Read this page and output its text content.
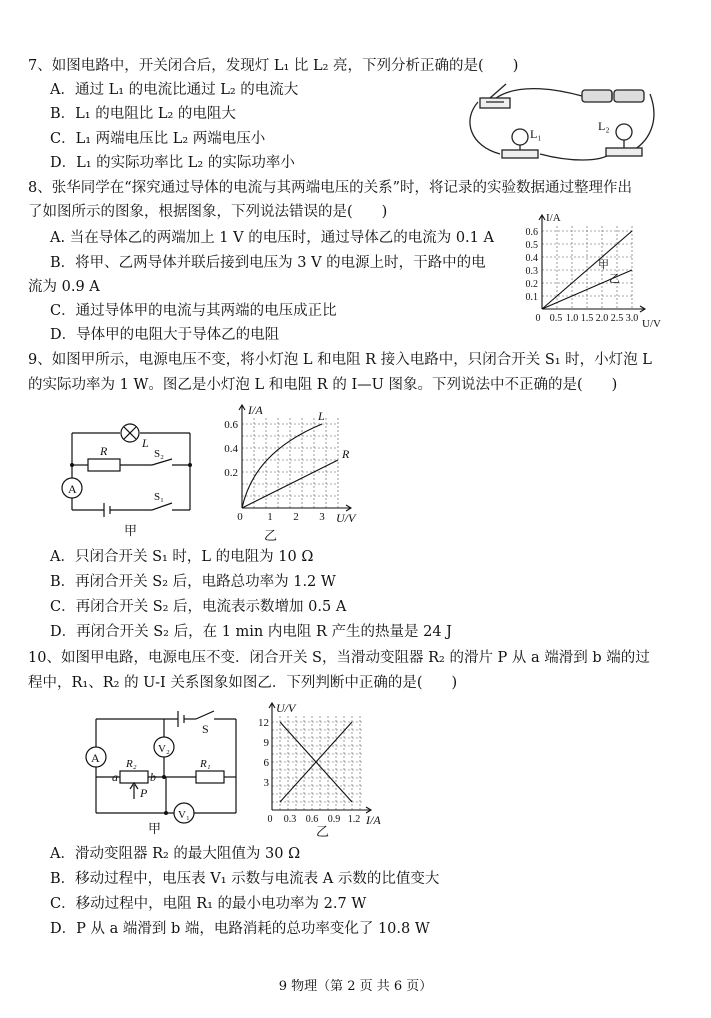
7、如图电路中，开关闭合后，发现灯 L₁ 比 L₂ 亮，下列分析正确的是(　　)
A．通过 L₁ 的电流比通过 L₂ 的电流大
B．L₁ 的电阻比 L₂ 的电阻大
C．L₁ 两端电压比 L₂ 两端电压小
D．L₁ 的实际功率比 L₂ 的实际功率小
L₁
L₂
8、张华同学在“探究通过导体的电流与其两端电压的关系”时，将记录的实验数据通过整理作出
了如图所示的图象，根据图象，下列说法错误的是(　　)
A. 当在导体乙的两端加上 1 V 的电压时，通过导体乙的电流为 0.1 A
B．将甲、乙两导体并联后接到电压为 3 V 的电源上时，干路中的电
流为 0.9 A
C．通过导体甲的电流与其两端的电压成正比
D．导体甲的电阻大于导体乙的电阻
I/A
U/V
0.6
0.5
0.4
0.3
0.2
0.1
0 0.5 1.0 1.5 2.0 2.5 3.0
甲
乙
9、如图甲所示，电源电压不变，将小灯泡 L 和电阻 R 接入电路中，只闭合开关 S₁ 时，小灯泡 L
的实际功率为 1 W。图乙是小灯泡 L 和电阻 R 的 I—U 图象。下列说法中不正确的是(　　)
L
R	S₂
S₁
A
甲
I/A
U/V
0.6
0.4
0.2
0 1 2 3
L
R
乙
A．只闭合开关 S₁ 时，L 的电阻为 10 Ω
B．再闭合开关 S₂ 后，电路总功率为 1.2 W
C．再闭合开关 S₂ 后，电流表示数增加 0.5 A
D．再闭合开关 S₂ 后，在 1 min 内电阻 R 产生的热量是 24 J
10、如图甲电路，电源电压不变．闭合开关 S，当滑动变阻器 R₂ 的滑片 P 从 a 端滑到 b 端的过
程中，R₁、R₂ 的 U-I 关系图象如图乙．下列判断中正确的是(　　)
A
V₂
V₁
S
R₂	R₁
a	b
P
甲
U/V
I/A
12
9
6
3
0 0.3 0.6 0.9 1.2
乙
A．滑动变阻器 R₂ 的最大阻值为 30 Ω
B．移动过程中，电压表 V₁ 示数与电流表 A 示数的比值变大
C．移动过程中，电阻 R₁ 的最小电功率为 2.7 W
D．P 从 a 端滑到 b 端，电路消耗的总功率变化了 10.8 W
9 物理（第 2 页 共 6 页）
